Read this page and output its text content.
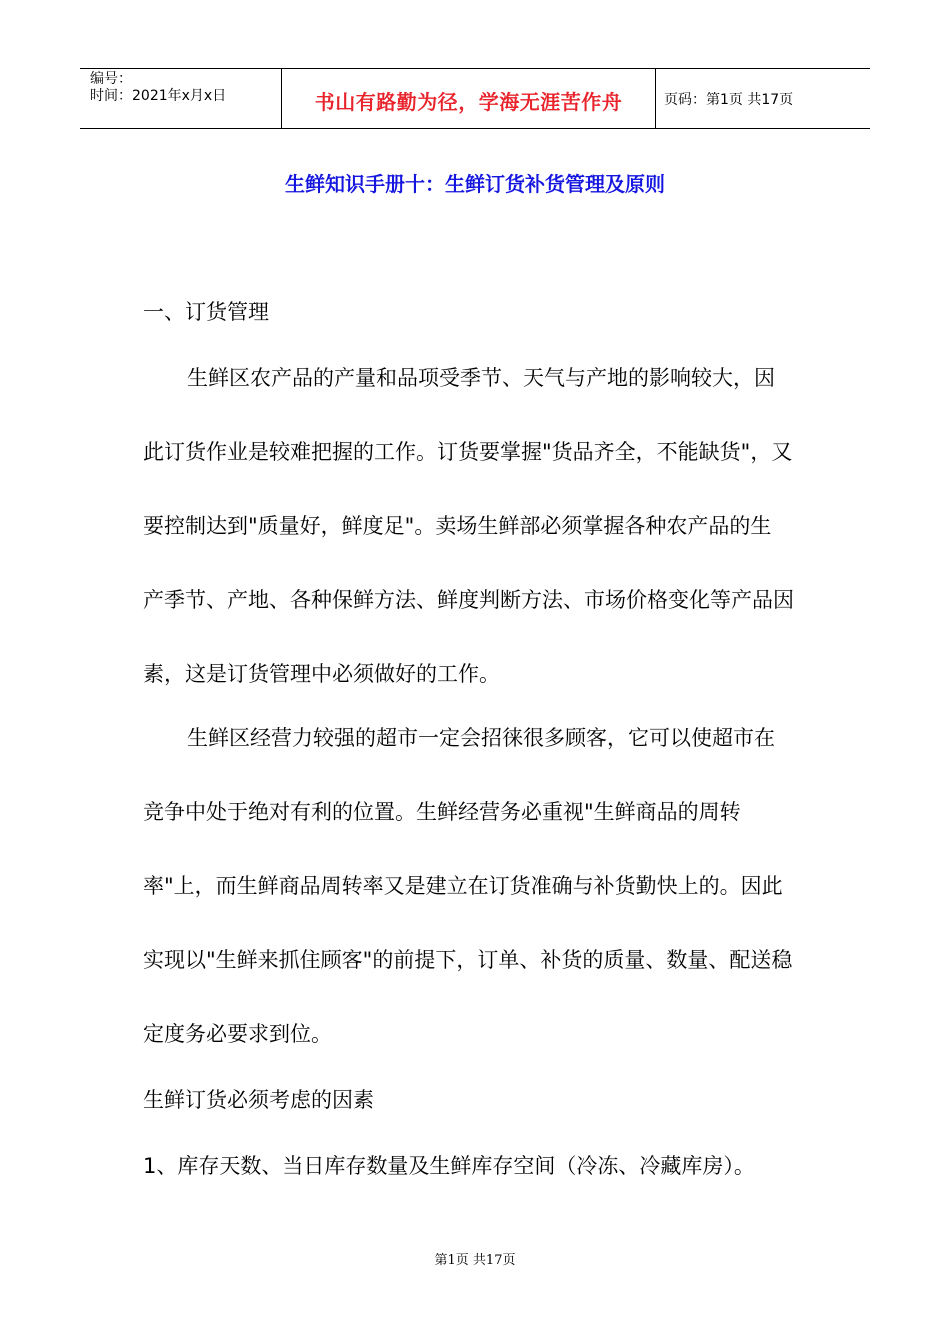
编号：
时间：2021年x月x日	书山有路勤为径，学海无涯苦作舟	页码：第1页 共17页
生鲜知识手册十：生鲜订货补货管理及原则
一、订货管理
生鲜区农产品的产量和品项受季节、天气与产地的影响较大，因
此订货作业是较难把握的工作。订货要掌握"货品齐全，不能缺货"，又
要控制达到"质量好，鲜度足"。卖场生鲜部必须掌握各种农产品的生
产季节、产地、各种保鲜方法、鲜度判断方法、市场价格变化等产品因
素，这是订货管理中必须做好的工作。
生鲜区经营力较强的超市一定会招徕很多顾客，它可以使超市在
竞争中处于绝对有利的位置。生鲜经营务必重视"生鲜商品的周转
率"上，而生鲜商品周转率又是建立在订货准确与补货勤快上的。因此
实现以"生鲜来抓住顾客"的前提下，订单、补货的质量、数量、配送稳
定度务必要求到位。
生鲜订货必须考虑的因素
1、库存天数、当日库存数量及生鲜库存空间（冷冻、冷藏库房）。
第1页 共17页
